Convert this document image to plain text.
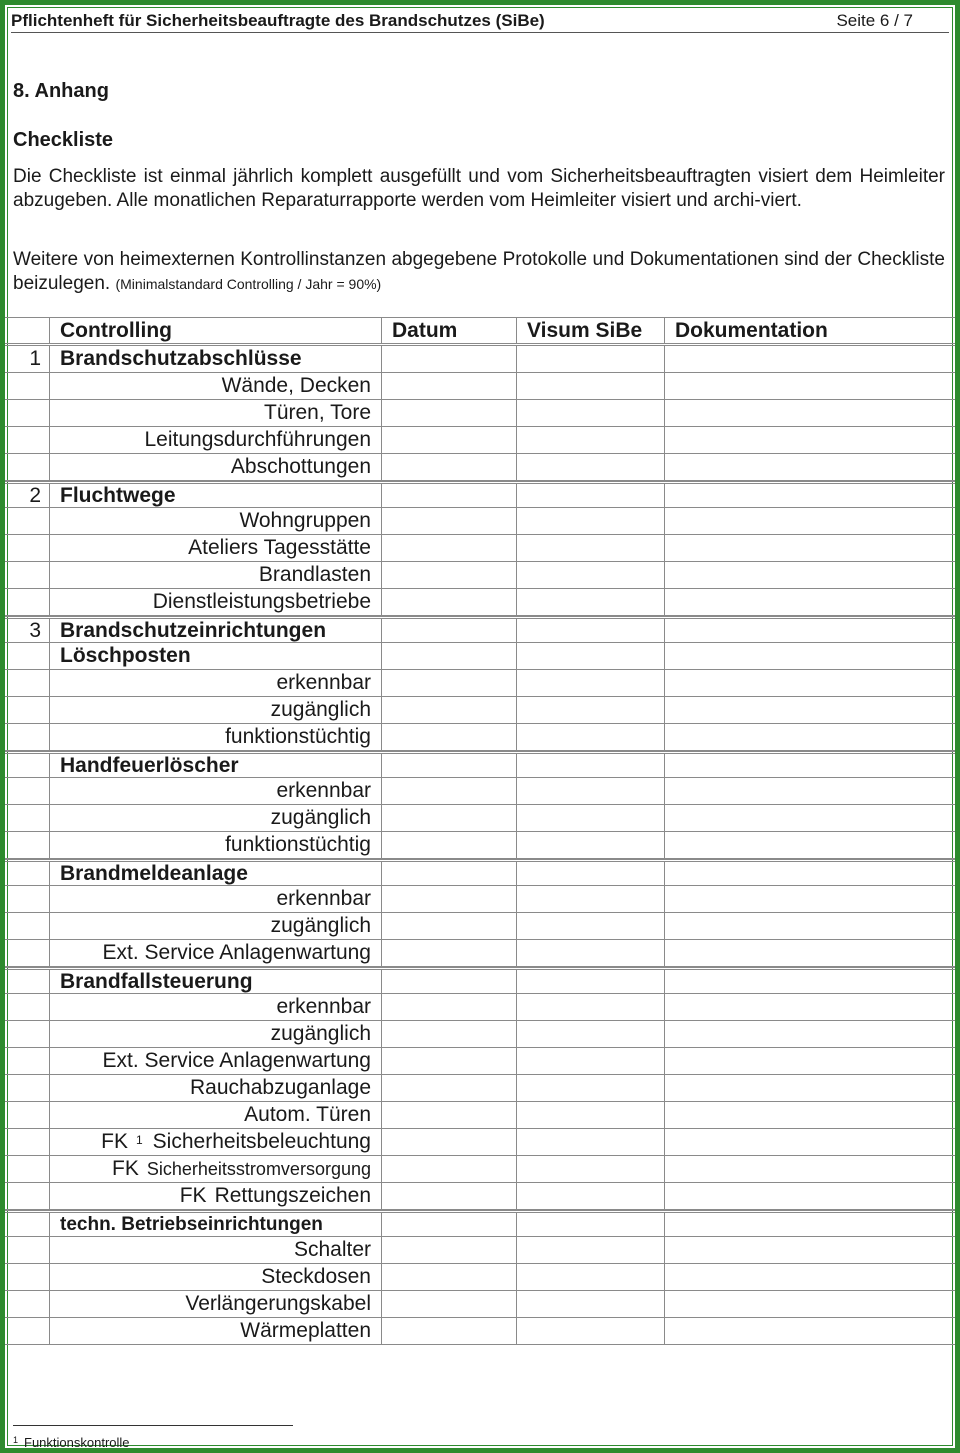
Pflichtenheft für Sicherheitsbeauftragte des Brandschutzes (SiBe)	Seite 6 / 7
8. Anhang
Checkliste
Die Checkliste ist einmal jährlich komplett ausgefüllt und vom Sicherheitsbeauftragten visiert dem Heimleiter abzugeben. Alle monatlichen Reparaturrapporte werden vom Heimleiter visiert und archi-viert.
Weitere von heimexternen Kontrollinstanzen abgegebene Protokolle und Dokumentationen sind der Checkliste beizulegen. (Minimalstandard Controlling / Jahr = 90%)
Controlling	Datum	Visum SiBe	Dokumentation
1 Brandschutzabschlüsse
Wände, Decken
Türen, Tore
Leitungsdurchführungen
Abschottungen
2 Fluchtwege
Wohngruppen
Ateliers Tagesstätte
Brandlasten
Dienstleistungsbetriebe
3 Brandschutzeinrichtungen
Löschposten
erkennbar
zugänglich
funktionstüchtig
Handfeuerlöscher
erkennbar
zugänglich
funktionstüchtig
Brandmeldeanlage
erkennbar
zugänglich
Ext. Service Anlagenwartung
Brandfallsteuerung
erkennbar
zugänglich
Ext. Service Anlagenwartung
Rauchabzuganlage
Autom. Türen
FK $^1$ Sicherheitsbeleuchtung
FK Sicherheitsstromversorgung
FK Rettungszeichen
techn. Betriebseinrichtungen
Schalter
Steckdosen
Verlängerungskabel
Wärmeplatten
$^1$ Funktionskontrolle
